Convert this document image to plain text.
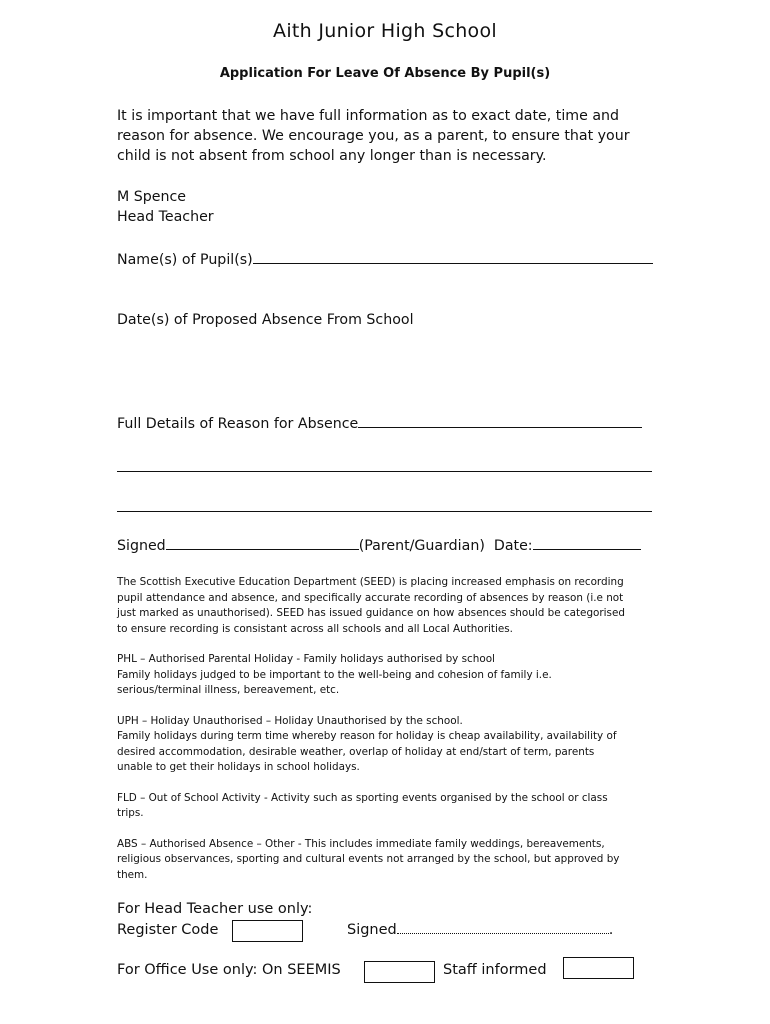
Aith Junior High School
Application For Leave Of Absence By Pupil(s)
It is important that we have full information as to exact date, time and
reason for absence. We encourage you, as a parent, to ensure that your
child is not absent from school any longer than is necessary.
M Spence
Head Teacher
Name(s) of Pupil(s)
Date(s) of Proposed Absence From School
Full Details of Reason for Absence
Signed	(Parent/Guardian) Date:

The Scottish Executive Education Department (SEED) is placing increased emphasis on recording
pupil attendance and absence, and specifically accurate recording of absences by reason (i.e not
just marked as unauthorised). SEED has issued guidance on how absences should be categorised
to ensure recording is consistant across all schools and all Local Authorities.

PHL – Authorised Parental Holiday - Family holidays authorised by school
Family holidays judged to be important to the well-being and cohesion of family i.e.
serious/terminal illness, bereavement, etc.

UPH – Holiday Unauthorised – Holiday Unauthorised by the school.
Family holidays during term time whereby reason for holiday is cheap availability, availability of
desired accommodation, desirable weather, overlap of holiday at end/start of term, parents
unable to get their holidays in school holidays.

FLD – Out of School Activity - Activity such as sporting events organised by the school or class
trips.

ABS – Authorised Absence – Other - This includes immediate family weddings, bereavements,
religious observances, sporting and cultural events not arranged by the school, but approved by
them.

For Head Teacher use only:
Register Code	Signed	.
For Office Use only: On SEEMIS	Staff informed
